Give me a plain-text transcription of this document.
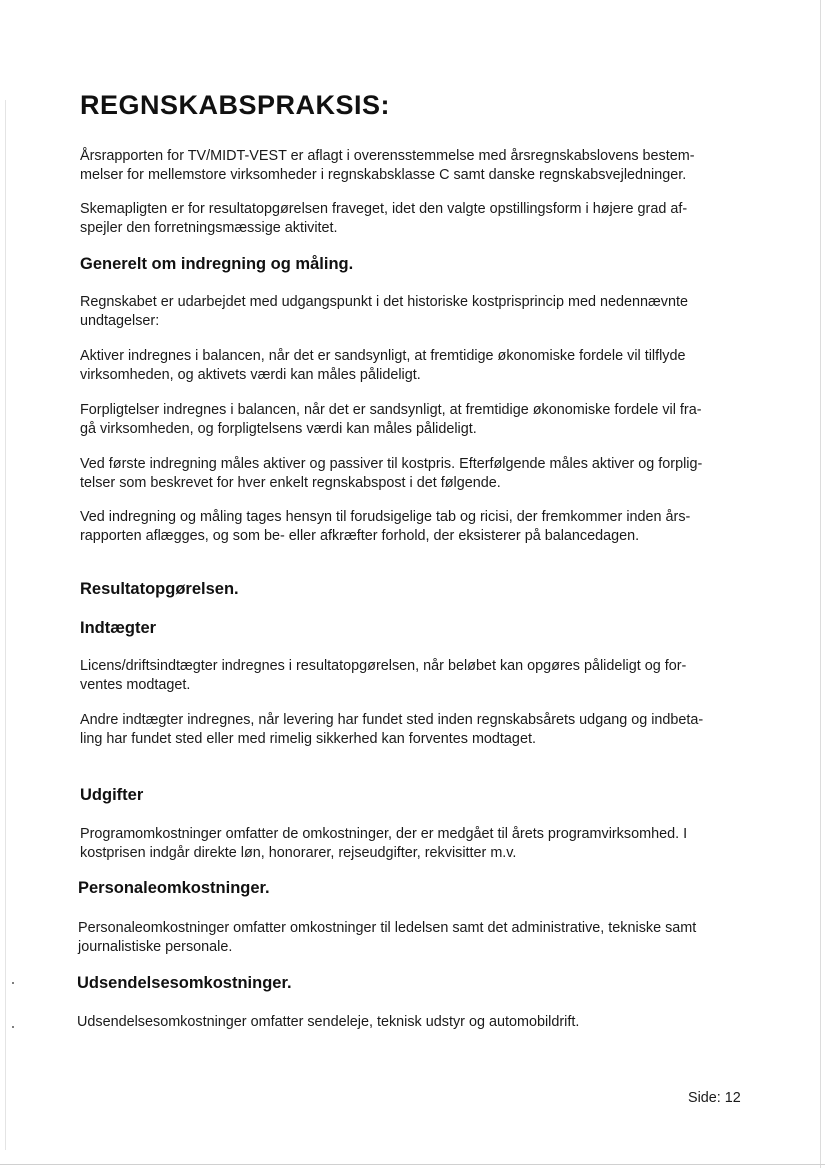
REGNSKABSPRAKSIS:

Årsrapporten for TV/MIDT-VEST er aflagt i overensstemmelse med årsregnskabslovens bestem-
melser for mellemstore virksomheder i regnskabsklasse C samt danske regnskabsvejledninger.

Skemapligten er for resultatopgørelsen fraveget, idet den valgte opstillingsform i højere grad af-
spejler den forretningsmæssige aktivitet.

Generelt om indregning og måling.

Regnskabet er udarbejdet med udgangspunkt i det historiske kostprisprincip med nedennævnte
undtagelser:

Aktiver indregnes i balancen, når det er sandsynligt, at fremtidige økonomiske fordele vil tilflyde
virksomheden, og aktivets værdi kan måles pålideligt.

Forpligtelser indregnes i balancen, når det er sandsynligt, at fremtidige økonomiske fordele vil fra-
gå virksomheden, og forpligtelsens værdi kan måles pålideligt.

Ved første indregning måles aktiver og passiver til kostpris. Efterfølgende måles aktiver og forplig-
telser som beskrevet for hver enkelt regnskabspost i det følgende.

Ved indregning og måling tages hensyn til forudsigelige tab og ricisi, der fremkommer inden års-
rapporten aflægges, og som be- eller afkræfter forhold, der eksisterer på balancedagen.

Resultatopgørelsen.
Indtægter

Licens/driftsindtægter indregnes i resultatopgørelsen, når beløbet kan opgøres pålideligt og for-
ventes modtaget.

Andre indtægter indregnes, når levering har fundet sted inden regnskabsårets udgang og indbeta-
ling har fundet sted eller med rimelig sikkerhed kan forventes modtaget.

Udgifter

Programomkostninger omfatter de omkostninger, der er medgået til årets programvirksomhed. I
kostprisen indgår direkte løn, honorarer, rejseudgifter, rekvisitter m.v.

Personaleomkostninger.

Personaleomkostninger omfatter omkostninger til ledelsen samt det administrative, tekniske samt
journalistiske personale.

Udsendelsesomkostninger.

Udsendelsesomkostninger omfatter sendeleje, teknisk udstyr og automobildrift.

Side: 12
